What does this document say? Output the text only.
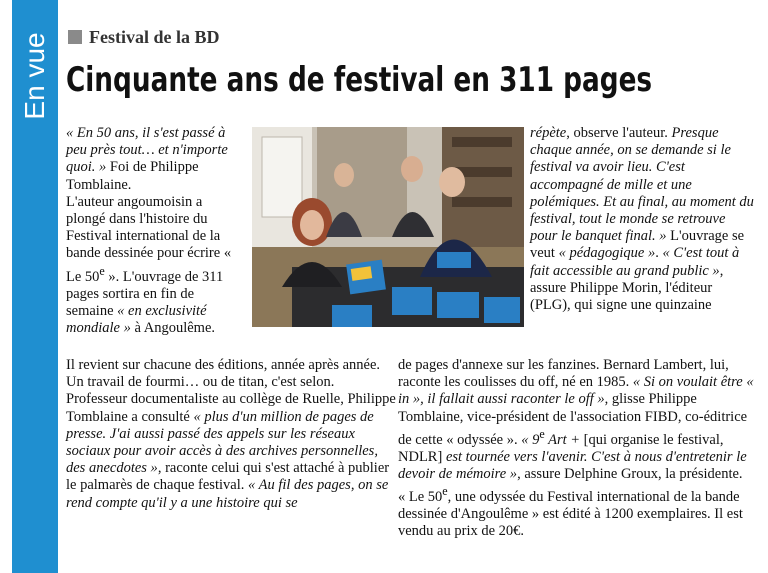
En vue Festival de la BD
Cinquante ans de festival en 311 pages

« En 50 ans, il s'est passé à peu près tout… et n'importe quoi. » Foi de Philippe Tomblaine.

L'auteur angoumoisin a plongé dans l'histoire du Festival international de la bande dessinée pour écrire « Le 50e ». L'ouvrage de 311 pages sortira en fin de semaine « en exclusivité mondiale » à Angoulême.

répète, observe l'auteur. Presque chaque année, on se demande si le festival va avoir lieu. C'est accompagné de mille et une polémiques. Et au final, au moment du festival, tout le monde se retrouve pour le banquet final. » L'ouvrage se veut « pédagogique ». « C'est tout à fait accessible au grand public », assure Philippe Morin, l'éditeur (PLG), qui signe une quinzaine

Il revient sur chacune des éditions, année après année.

Un travail de fourmi… ou de titan, c'est selon. Professeur documentaliste au collège de Ruelle, Philippe Tomblaine a consulté « plus d'un million de pages de presse. J'ai aussi passé des appels sur les réseaux sociaux pour avoir accès à des archives personnelles, des anecdotes », raconte celui qui s'est attaché à publier le palmarès de chaque festival. « Au fil des pages, on se rend compte qu'il y a une histoire qui se

de pages d'annexe sur les fanzines. Bernard Lambert, lui, raconte les coulisses du off, né en 1985. « Si on voulait être « in », il fallait aussi raconter le off », glisse Philippe Tomblaine, vice-président de l'association FIBD, co-éditrice de cette « odyssée ». « 9e Art + [qui organise le festival, NDLR] est tournée vers l'avenir. C'est à nous d'entretenir le devoir de mémoire », assure Delphine Groux, la présidente.

« Le 50e, une odyssée du Festival international de la bande dessinée d'Angoulême » est édité à 1200 exemplaires. Il est vendu au prix de 20€.
